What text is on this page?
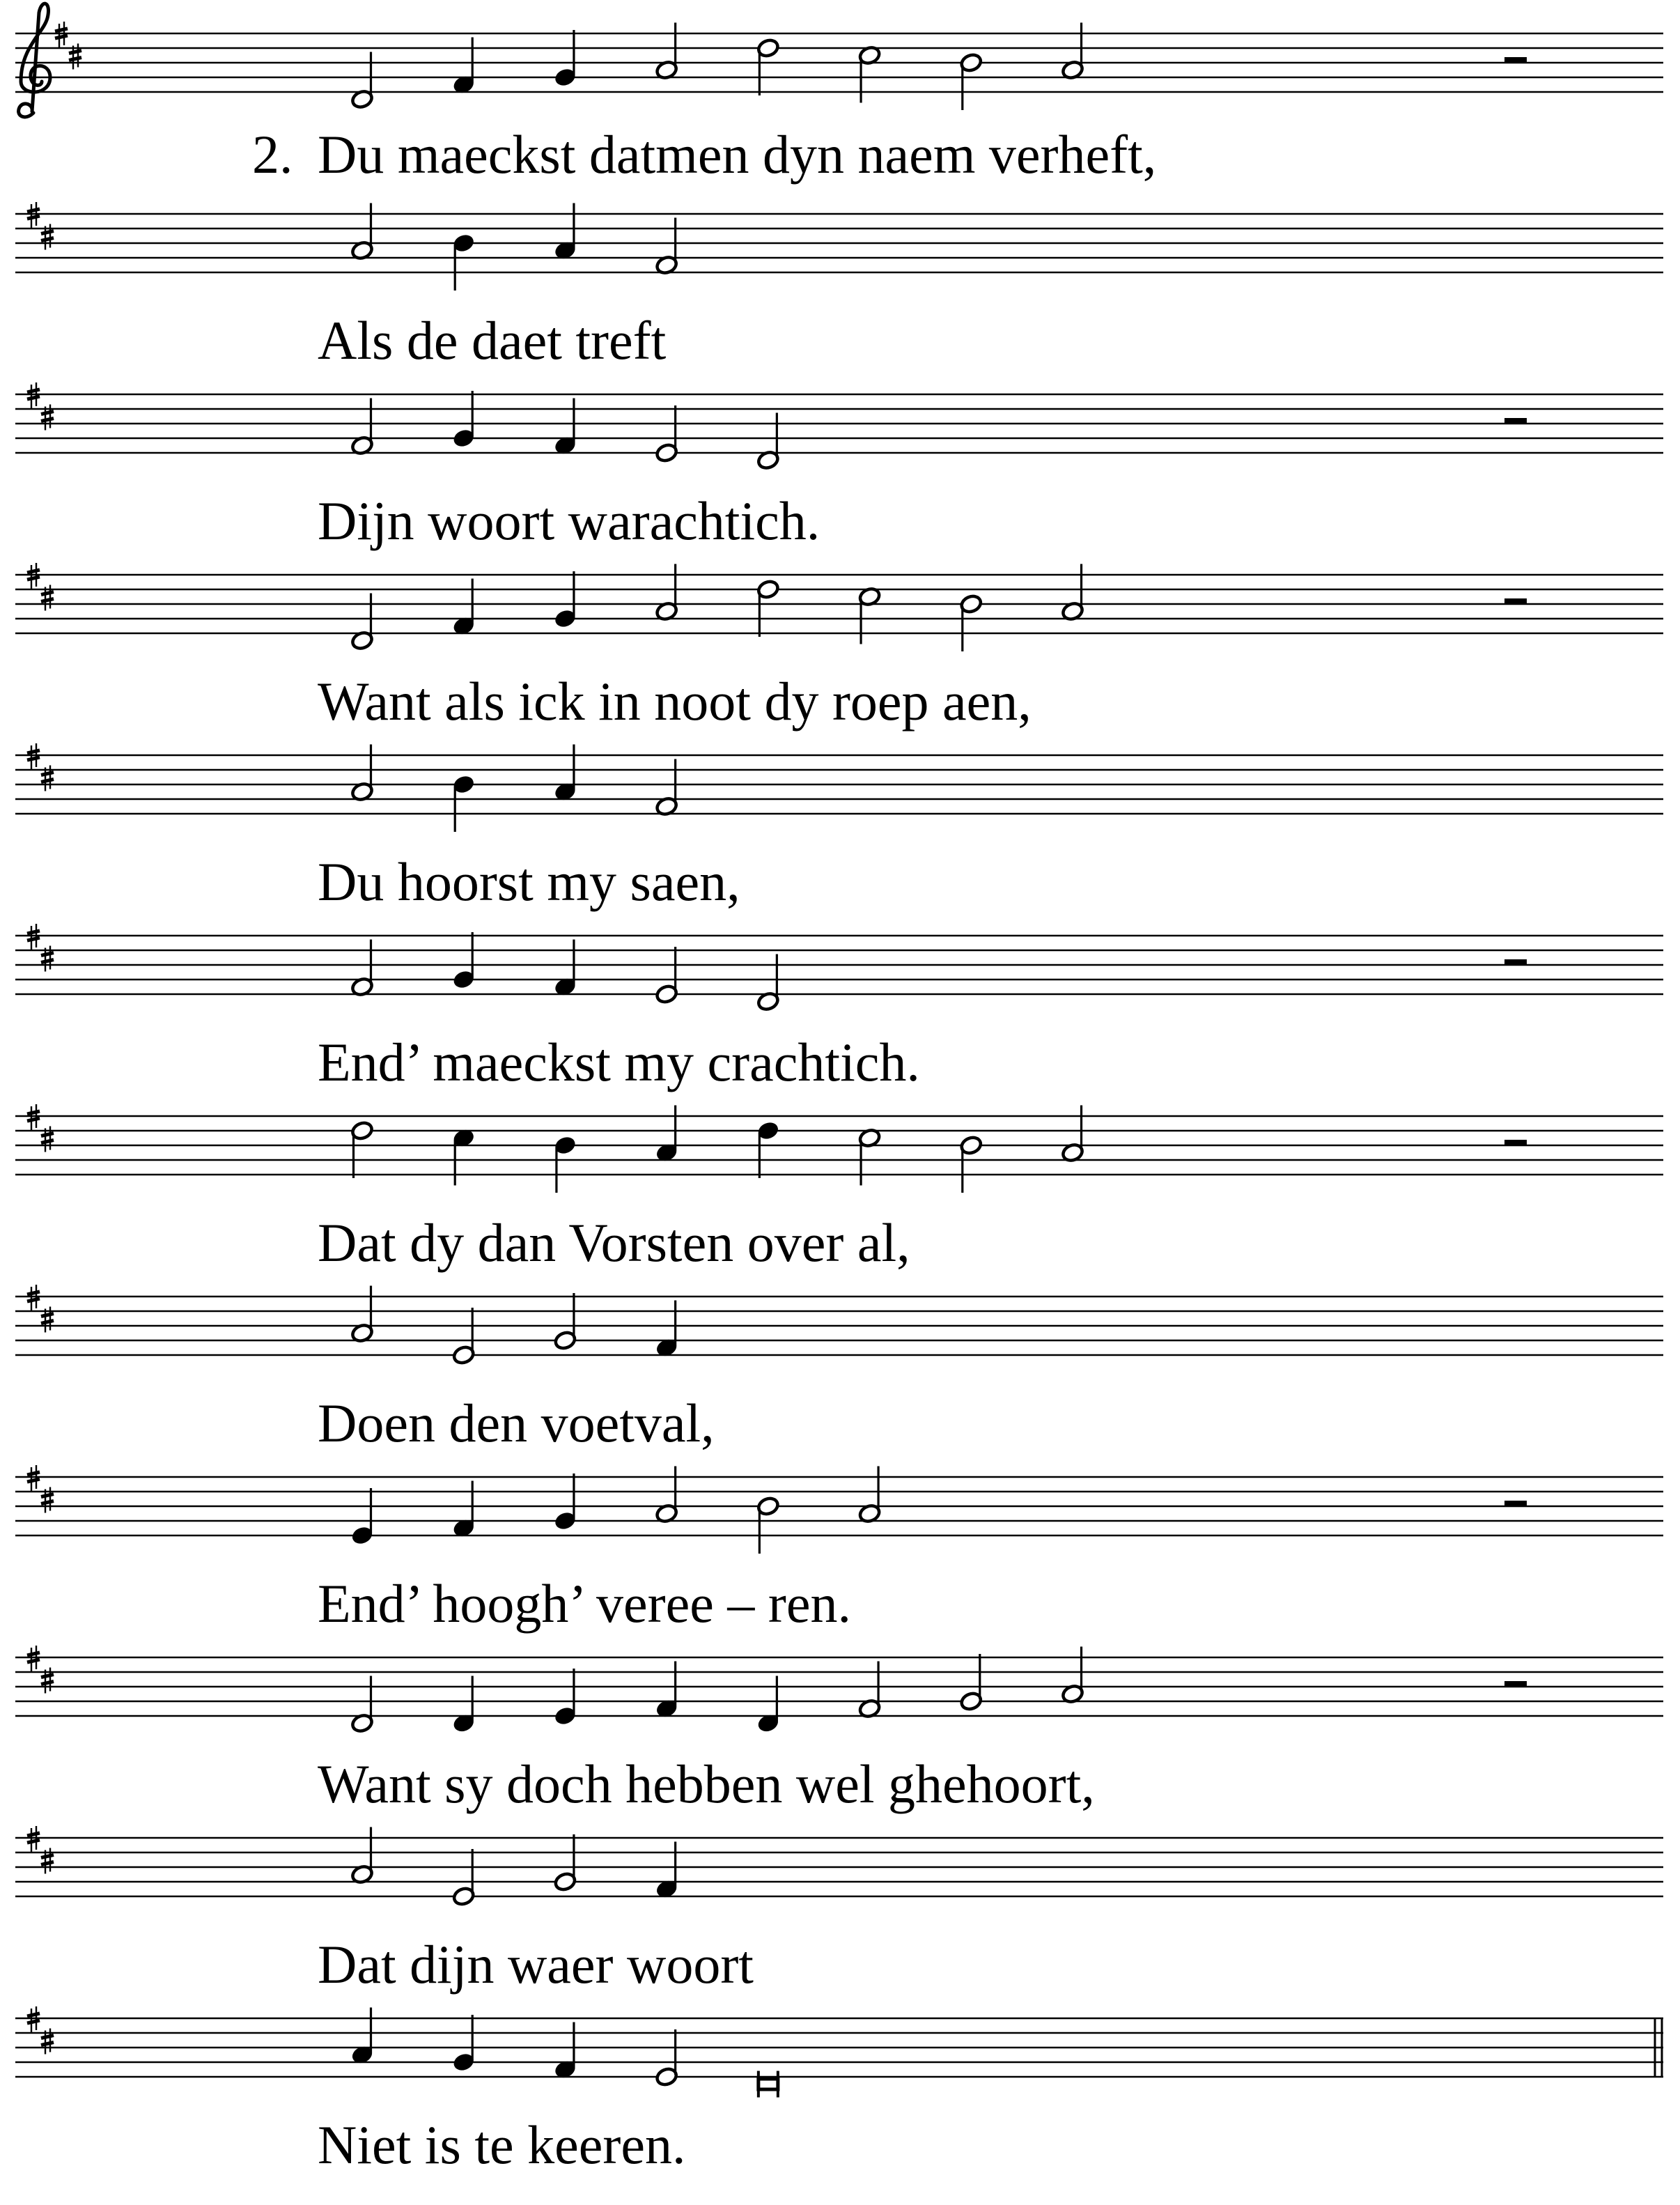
2. Du maeckst datmen dyn naem verheft,
Als de daet treft
Dijn woort warachtich.
Want als ick in noot dy roep aen,
Du hoorst my saen,
End’ maeckst my crachtich.
Dat dy dan Vorsten over al,
Doen den voetval,
End’ hoogh’ veree – ren.
Want sy doch hebben wel ghehoort,
Dat dijn waer woort
Niet is te keeren.
